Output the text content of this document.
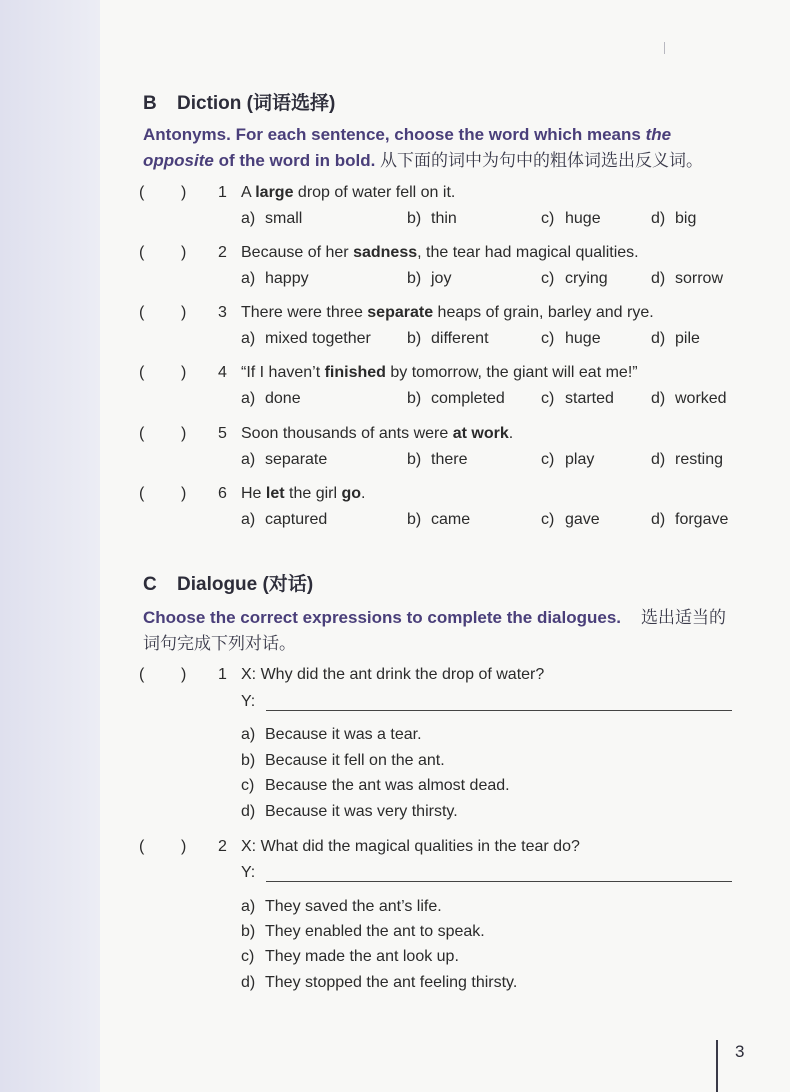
B Diction (词语选择)
Antonyms. For each sentence, choose the word which means the opposite of the word in bold. 从下面的词中为句中的粗体词选出反义词。
( ) 1 A large drop of water fell on it.
a) small	b) thin	c) huge	d) big
( ) 2 Because of her sadness, the tear had magical qualities.
a) happy	b) joy	c) crying	d) sorrow
( ) 3 There were three separate heaps of grain, barley and rye.
a) mixed together b) different	c) huge	d) pile
( ) 4 “If I haven’t finished by tomorrow, the giant will eat me!”
a) done	b) completed c) started d) worked
( ) 5 Soon thousands of ants were at work.
a) separate	b) there	c) play	d) resting
( ) 6 He let the girl go.
a) captured	b) came	c) gave	d) forgave
C Dialogue (对话)
Choose the correct expressions to complete the dialogues. 选出适当的词句完成下列对话。
( ) 1 X: Why did the ant drink the drop of water?
Y:
a) Because it was a tear.
b) Because it fell on the ant.
c) Because the ant was almost dead.
d) Because it was very thirsty.
( ) 2 X: What did the magical qualities in the tear do?
Y:
a) They saved the ant’s life.
b) They enabled the ant to speak.
c) They made the ant look up.
d) They stopped the ant feeling thirsty.
3
